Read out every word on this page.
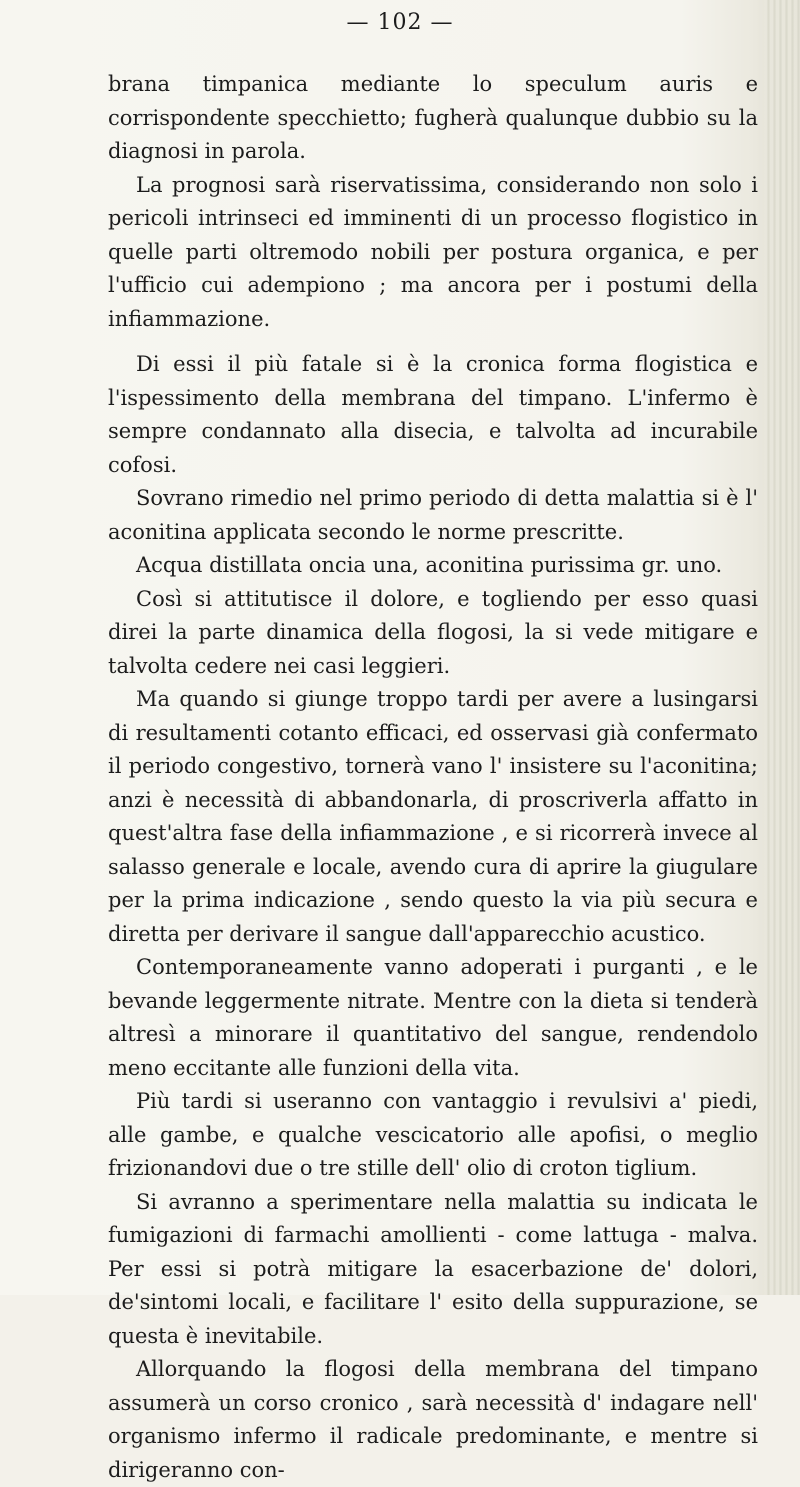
— 102 —

brana timpanica mediante lo speculum auris e corrispondente specchietto; fugherà qualunque dubbio su la diagnosi in parola.

La prognosi sarà riservatissima, considerando non solo i pericoli intrinseci ed imminenti di un processo flogistico in quelle parti oltremodo nobili per postura organica, e per l'ufficio cui adempiono ; ma ancora per i postumi della infiammazione.

Di essi il più fatale si è la cronica forma flogistica e l'ispessimento della membrana del timpano. L'infermo è sempre condannato alla disecia, e talvolta ad incurabile cofosi.

Sovrano rimedio nel primo periodo di detta malattia si è l' aconitina applicata secondo le norme prescritte.

Acqua distillata oncia una, aconitina purissima gr. uno.

Così si attitutisce il dolore, e togliendo per esso quasi direi la parte dinamica della flogosi, la si vede mitigare e talvolta cedere nei casi leggieri.

Ma quando si giunge troppo tardi per avere a lusingarsi di resultamenti cotanto efficaci, ed osservasi già confermato il periodo congestivo, tornerà vano l' insistere su l'aconitina; anzi è necessità di abbandonarla, di proscriverla affatto in quest'altra fase della infiammazione , e si ricorrerà invece al salasso generale e locale, avendo cura di aprire la giugulare per la prima indicazione , sendo questo la via più secura e diretta per derivare il sangue dall'apparecchio acustico.

Contemporaneamente vanno adoperati i purganti , e le bevande leggermente nitrate. Mentre con la dieta si tenderà altresì a minorare il quantitativo del sangue, rendendolo meno eccitante alle funzioni della vita.

Più tardi si useranno con vantaggio i revulsivi a' piedi, alle gambe, e qualche vescicatorio alle apofisi, o meglio frizionandovi due o tre stille dell' olio di croton tiglium.

Si avranno a sperimentare nella malattia su indicata le fumigazioni di farmachi amollienti - come lattuga - malva. Per essi si potrà mitigare la esacerbazione de' dolori, de'sintomi locali, e facilitare l' esito della suppurazione, se questa è inevitabile.

Allorquando la flogosi della membrana del timpano assumerà un corso cronico , sarà necessità d' indagare nell' organismo infermo il radicale predominante, e mentre si dirigeranno con-
